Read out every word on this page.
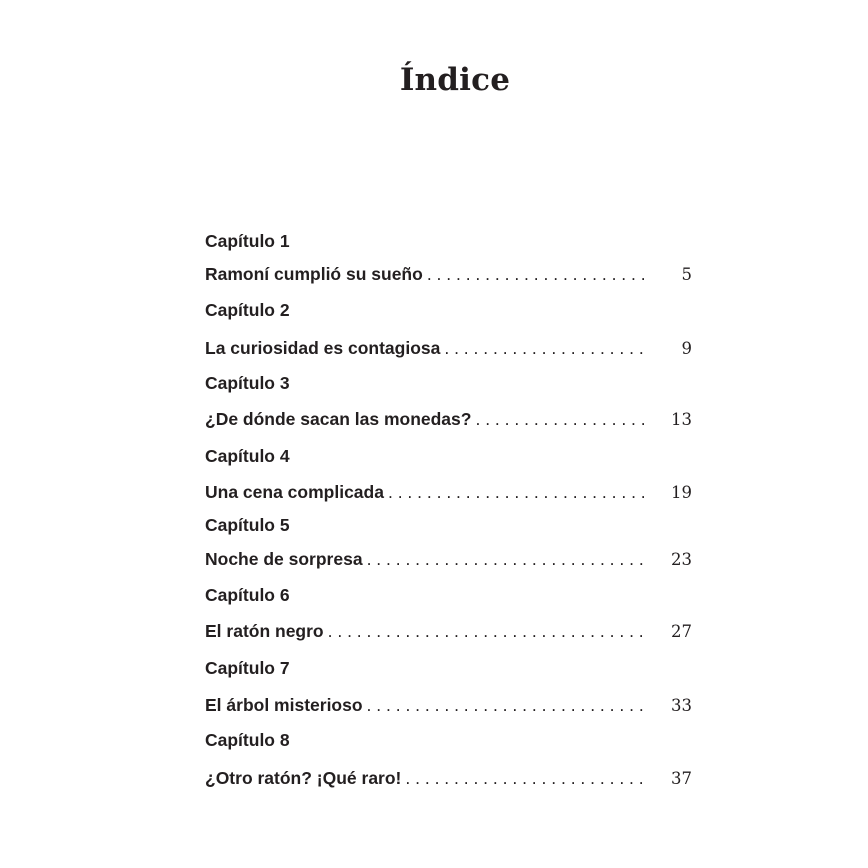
Índice
Capítulo 1
Ramoní cumplió su sueño . . .	5
Capítulo 2
La curiosidad es contagiosa . . .	9
Capítulo 3
¿De dónde sacan las monedas? . . .	13
Capítulo 4
Una cena complicada . . .	19
Capítulo 5
Noche de sorpresa . . .	23
Capítulo 6
El ratón negro . . .	27
Capítulo 7
El árbol misterioso . . .	33
Capítulo 8
¿Otro ratón? ¡Qué raro! . . .	37
